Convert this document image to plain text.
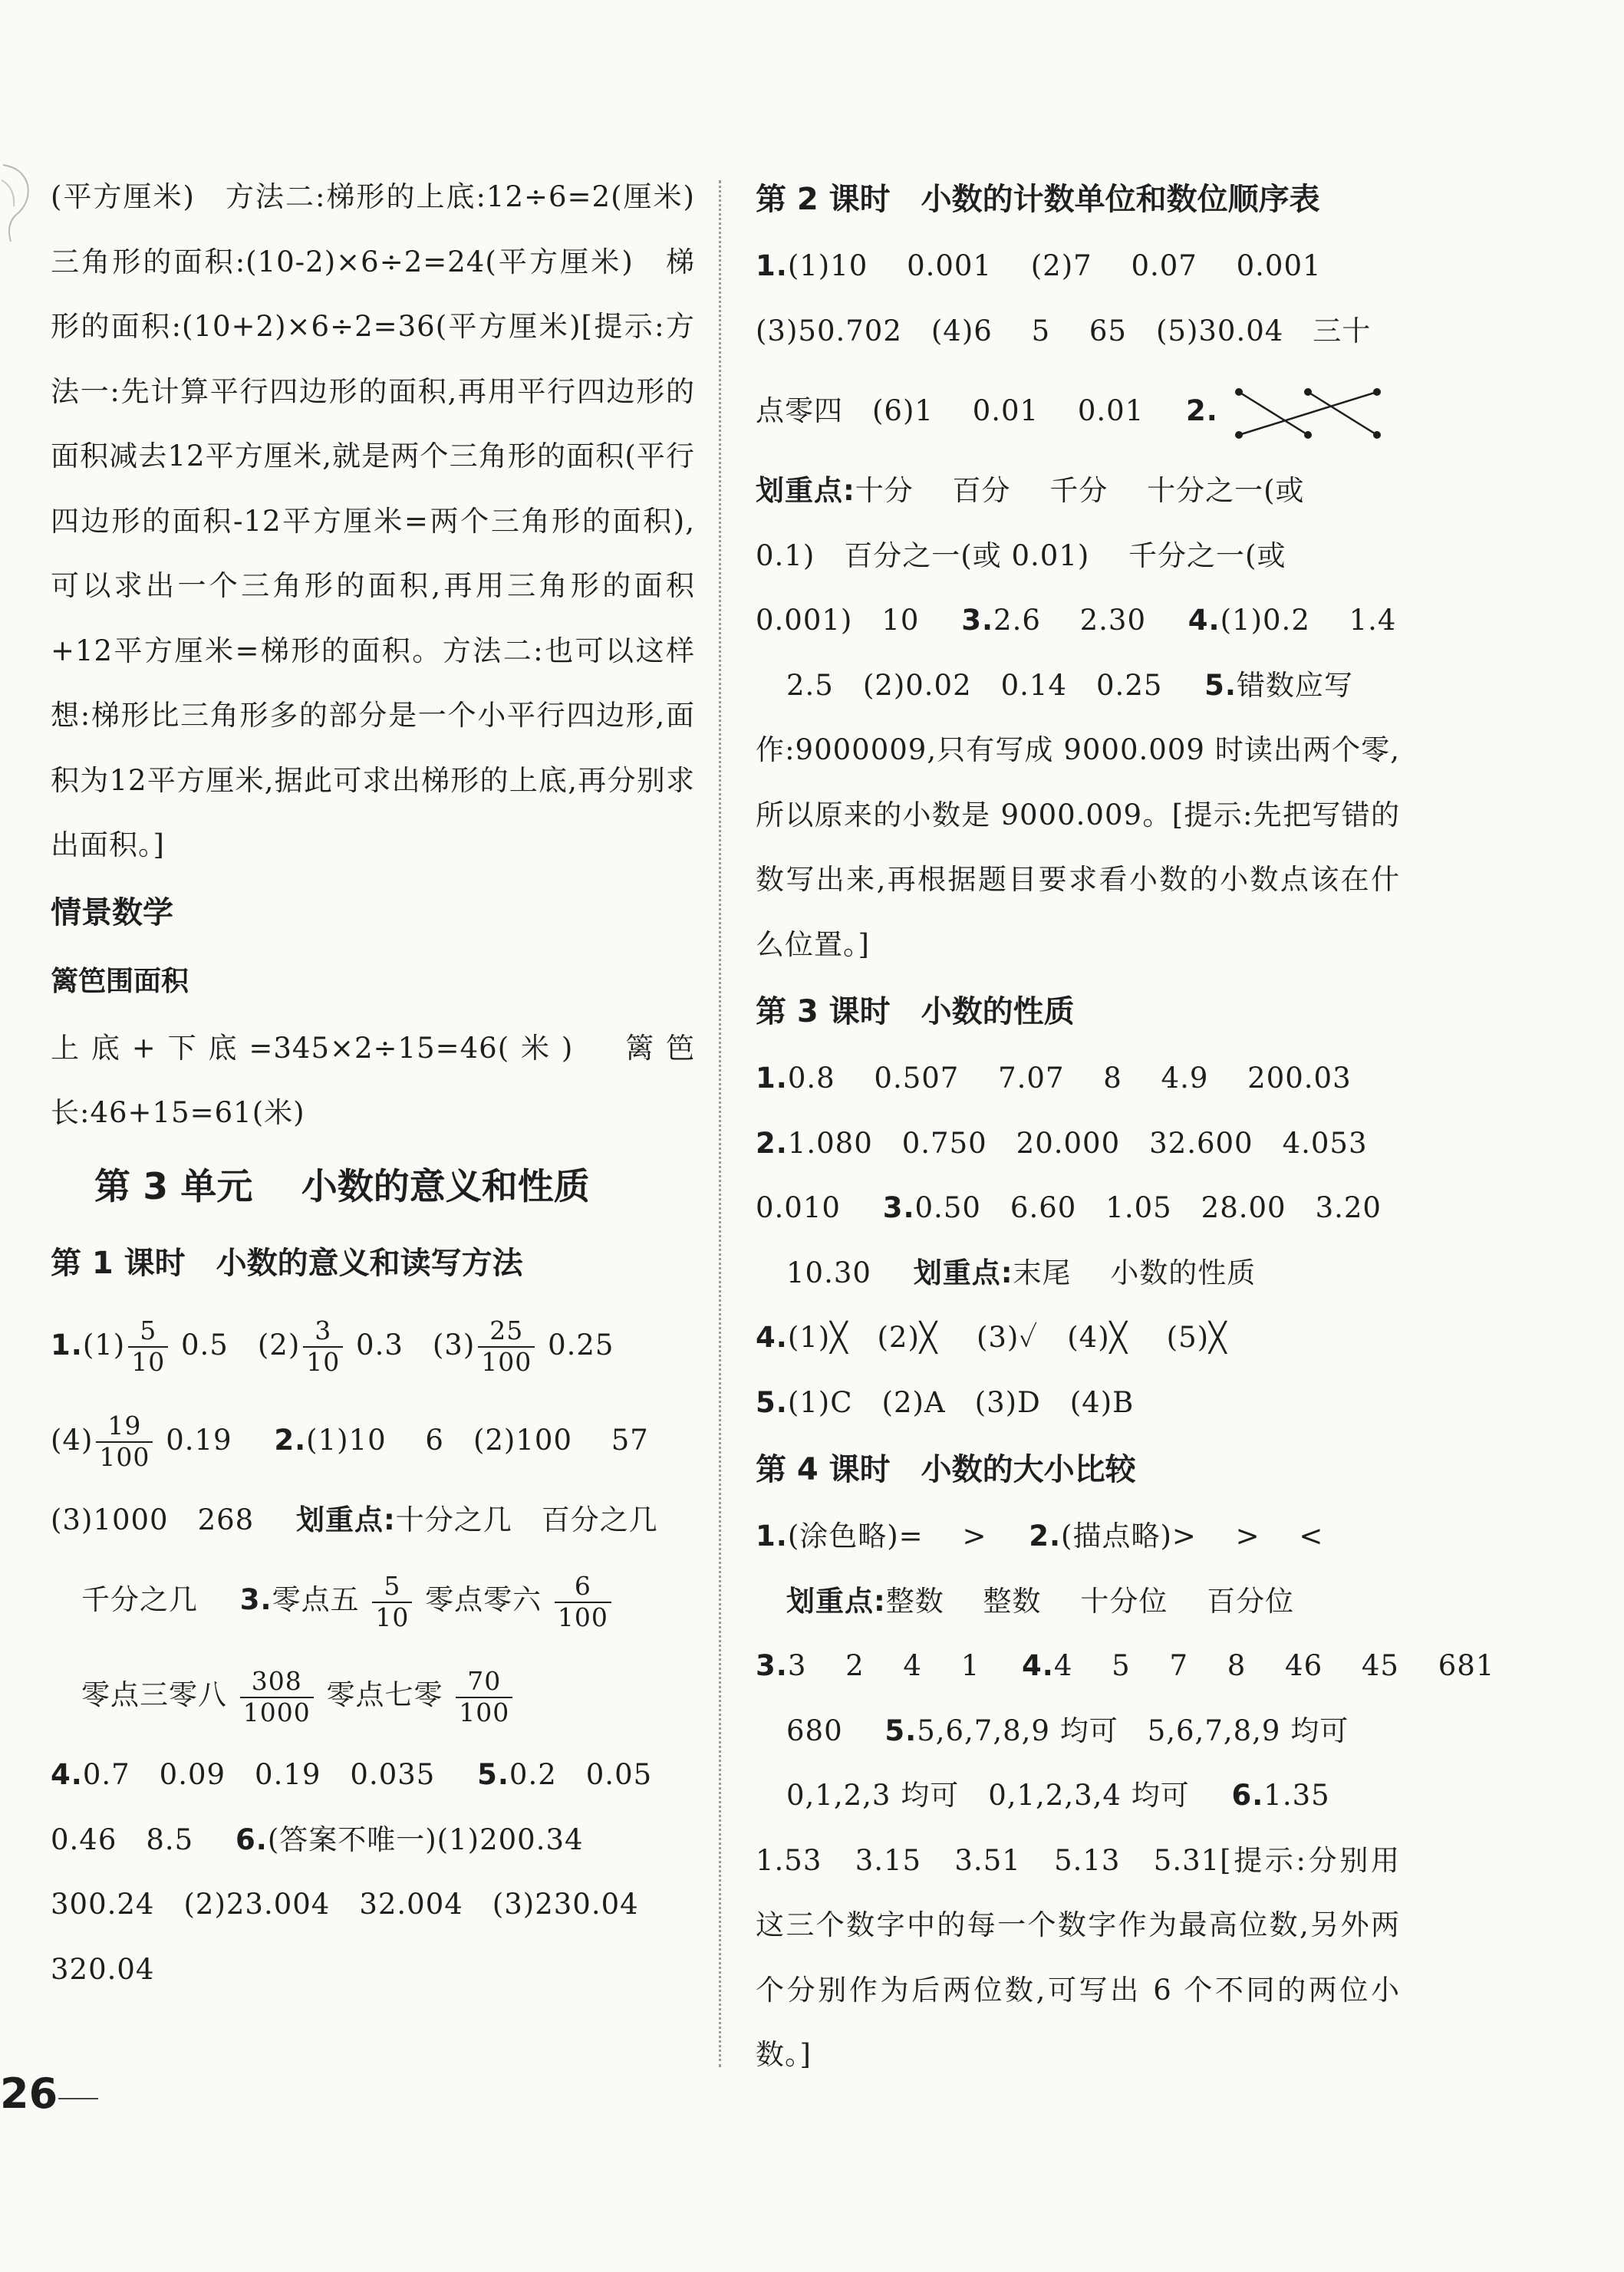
(平方厘米)　方法二:梯形的上底:12÷6=2(厘米)　三角形的面积:(10-2)×6÷2=24(平方厘米)　梯形的面积:(10+2)×6÷2=36(平方厘米)[提示:方法一:先计算平行四边形的面积,再用平行四边形的面积减去12平方厘米,就是两个三角形的面积(平行四边形的面积-12平方厘米=两个三角形的面积),可以求出一个三角形的面积,再用三角形的面积+12平方厘米=梯形的面积。方法二:也可以这样想:梯形比三角形多的部分是一个小平行四边形,面积为12平方厘米,据此可求出梯形的上底,再分别求出面积。]

情景数学
篱笆围面积

上底+下底=345×2÷15=46(米)　篱笆长:46+15=61(米)

第 3 单元　 小数的意义和性质
第 1 课时　小数的意义和读写方法
$1.(1) \frac{5}{10} 0.5$　$(2) \frac{3}{10} 0.3$　$(3) \frac{25}{100} 0.25$
$(4) \frac{19}{100} 0.19$ 2.(1)10　 6　(2)100　 57
(3)1000　268 划重点:十分之几　百分之几
千分之几 3.零点五 $\frac{5}{10}$ 零点零六 $\frac{6}{100}$
零点三零八 $\frac{308}{1000}$ 零点七零 $\frac{70}{100}$
4.0.7　0.09　0.19　0.035 5.0.2　0.05
0.46　8.5 6.(答案不唯一)(1)200.34
300.24　(2)23.004　32.004　(3)230.04
320.04
第 2 课时　小数的计数单位和数位顺序表
1.(1)10　 0.001　 (2)7　 0.07　 0.001
(3)50.702　(4)6　 5　 65　(5)30.04　三十
点零四　(6)1　 0.01　 0.01 2.
划重点:十分　 百分　 千分　 十分之一(或
0.1)　百分之一(或 0.01)　 千分之一(或
0.001)　10 3.2.6　 2.30 4.(1)0.2　 1.4
2.5　(2)0.02　0.14　0.25 5.错数应写

作:9000009,只有写成 9000.009 时读出两个零,所以原来的小数是 9000.009。[提示:先把写错的数写出来,再根据题目要求看小数的小数点该在什么位置。]

第 3 课时　小数的性质
1.0.8　 0.507　 7.07　 8　 4.9　 200.03
2.1.080　0.750　20.000　32.600　4.053
0.010 3.0.50　6.60　1.05　28.00　3.20
10.30 划重点:末尾　 小数的性质
4.(1)╳　(2)╳　 (3)✓　(4)╳　 (5)╳
5.(1)C　(2)A　(3)D　(4)B
第 4 课时　小数的大小比较
1.(涂色略)=　 > 2.(描点略)>　 >　 <
划重点:整数　 整数　 十分位　 百分位
3.3　 2　 4　 1 4.4　 5　 7　 8　 46　 45　 681
680 5.5,6,7,8,9 均可　5,6,7,8,9 均可
0,1,2,3 均可　0,1,2,3,4 均可 6.1.35

1.53　3.15　3.51　5.13　5.31[提示:分别用这三个数字中的每一个数字作为最高位数,另外两个分别作为后两位数,可写出 6 个不同的两位小数。]

26
